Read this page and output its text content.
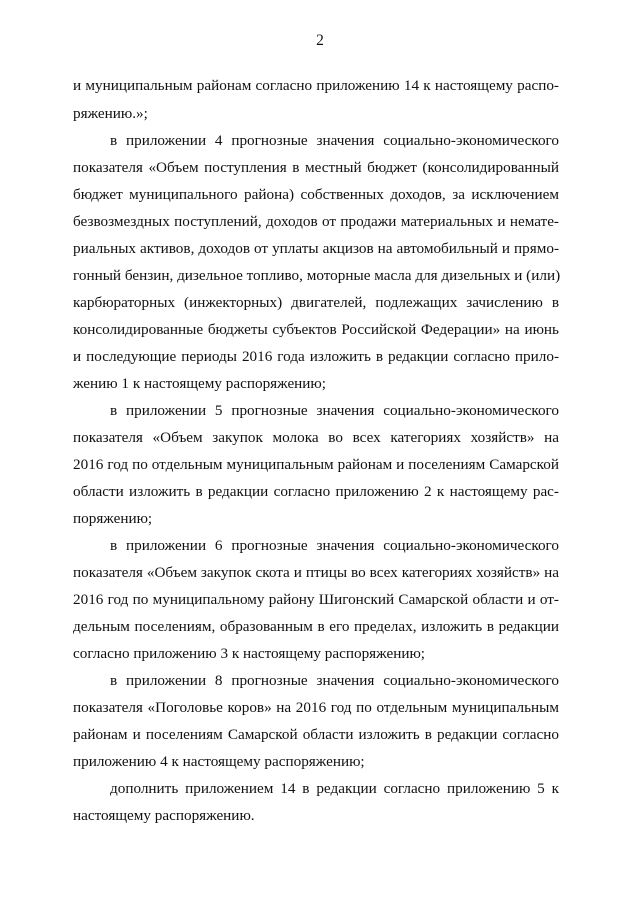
2
и муниципальным районам согласно приложению 14 к настоящему распо-
ряжению.»;
в приложении 4 прогнозные значения социально-экономического
показателя «Объем поступления в местный бюджет (консолидированный
бюджет муниципального района) собственных доходов, за исключением
безвозмездных поступлений, доходов от продажи материальных и немате-
риальных активов, доходов от уплаты акцизов на автомобильный и прямо-
гонный бензин, дизельное топливо, моторные масла для дизельных и (или)
карбюраторных (инжекторных) двигателей, подлежащих зачислению в
консолидированные бюджеты субъектов Российской Федерации» на июнь
и последующие периоды 2016 года изложить в редакции согласно прило-
жению 1 к настоящему распоряжению;
в приложении 5 прогнозные значения социально-экономического
показателя «Объем закупок молока во всех категориях хозяйств» на
2016 год по отдельным муниципальным районам и поселениям Самарской
области изложить в редакции согласно приложению 2 к настоящему рас-
поряжению;
в приложении 6 прогнозные значения социально-экономического
показателя «Объем закупок скота и птицы во всех категориях хозяйств» на
2016 год по муниципальному району Шигонский Самарской области и от-
дельным поселениям, образованным в его пределах, изложить в редакции
согласно приложению 3 к настоящему распоряжению;
в приложении 8 прогнозные значения социально-экономического
показателя «Поголовье коров» на 2016 год по отдельным муниципальным
районам и поселениям Самарской области изложить в редакции согласно
приложению 4 к настоящему распоряжению;
дополнить приложением 14 в редакции согласно приложению 5 к
настоящему распоряжению.
